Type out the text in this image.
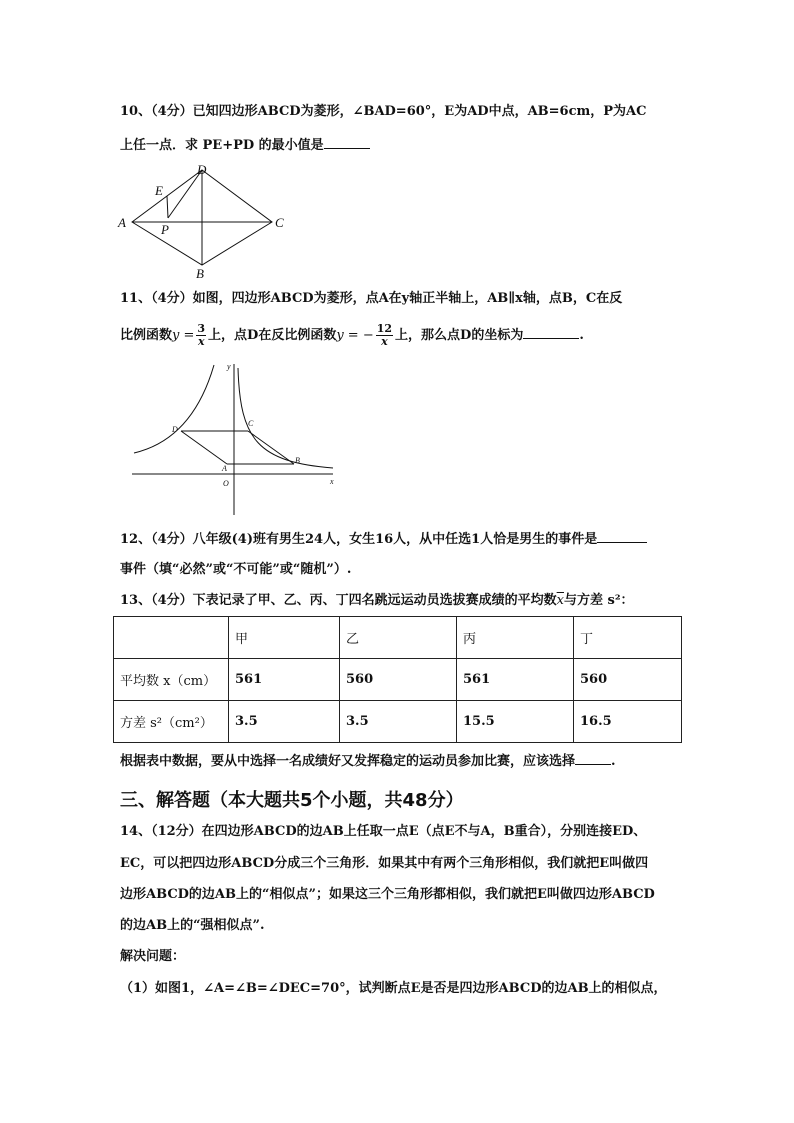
10、（4分）已知四边形ABCD为菱形，∠BAD=60°，E为AD中点，AB=6cm，P为AC
上任一点．求 PE+PD 的最小值是
A
B
C
D
E
P
11、（4分）如图，四边形ABCD为菱形，点A在y轴正半轴上，AB∥x轴，点B，C在反
比例函数$y = \frac{3}{x}$ 上，点D在反比例函数y = − $\frac{12}{x}$ 上，那么点D的坐标为	.
y
x
O
A
B
C
D
12、（4分）八年级(4)班有男生24人，女生16人，从中任选1人恰是男生的事件是
事件（填“必然”或“不可能”或“随机”）.
13、（4分）下表记录了甲、乙、丙、丁四名跳远运动员选拔赛成绩的平均数$\overline{x}$与方差 s²：
	甲	乙	丙	丁
平均数 x（cm）	561	560	561	560
方差 s²（cm²）	3.5	3.5	15.5	16.5
根据表中数据，要从中选择一名成绩好又发挥稳定的运动员参加比赛，应该选择	.
三、解答题（本大题共5个小题，共48分）
14、（12分）在四边形ABCD的边AB上任取一点E（点E不与A，B重合），分别连接ED、
EC，可以把四边形ABCD分成三个三角形．如果其中有两个三角形相似，我们就把E叫做四
边形ABCD的边AB上的“相似点”；如果这三个三角形都相似，我们就把E叫做四边形ABCD
的边AB上的“强相似点”.
解决问题：
（1）如图1，∠A=∠B=∠DEC=70°，试判断点E是否是四边形ABCD的边AB上的相似点，
